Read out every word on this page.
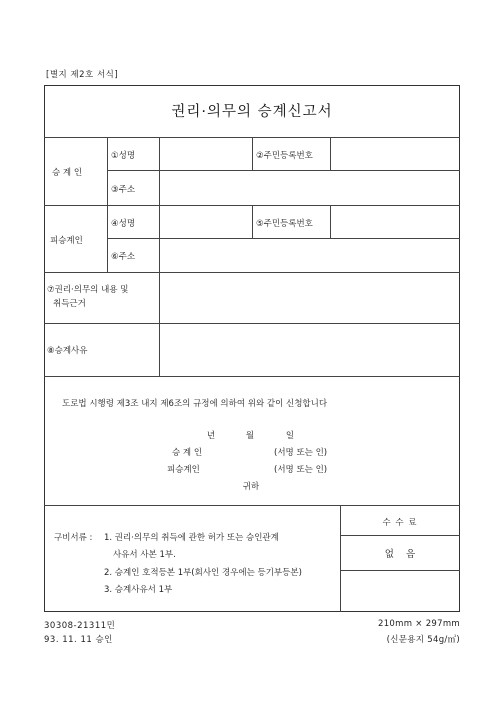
[별지 제2호 서식]
권리·의무의 승계신고서
승 계 인
①성명	②주민등록번호
③주소
피승계인
④성명	⑤주민등록번호
⑥주소
⑦권리·의무의 내용 및
취득근거
⑧승계사유
도로법 시행령 제3조 내지 제6조의 규정에 의하여 위와 같이 신청합니다
년	월	일
승 계 인	(서명 또는 인)
피승계인	(서명 또는 인)
귀하
구비서류 : 1. 권리·의무의 취득에 관한 허가 또는 승인관계
사유서 사본 1부.
2. 승계인 호적등본 1부(회사인 경우에는 등기부등본)
3. 승계사유서 1부
수 수 료
없    음
30308-21311민
93. 11. 11 승인
210mm × 297mm
(신문용지 54g/㎡)
